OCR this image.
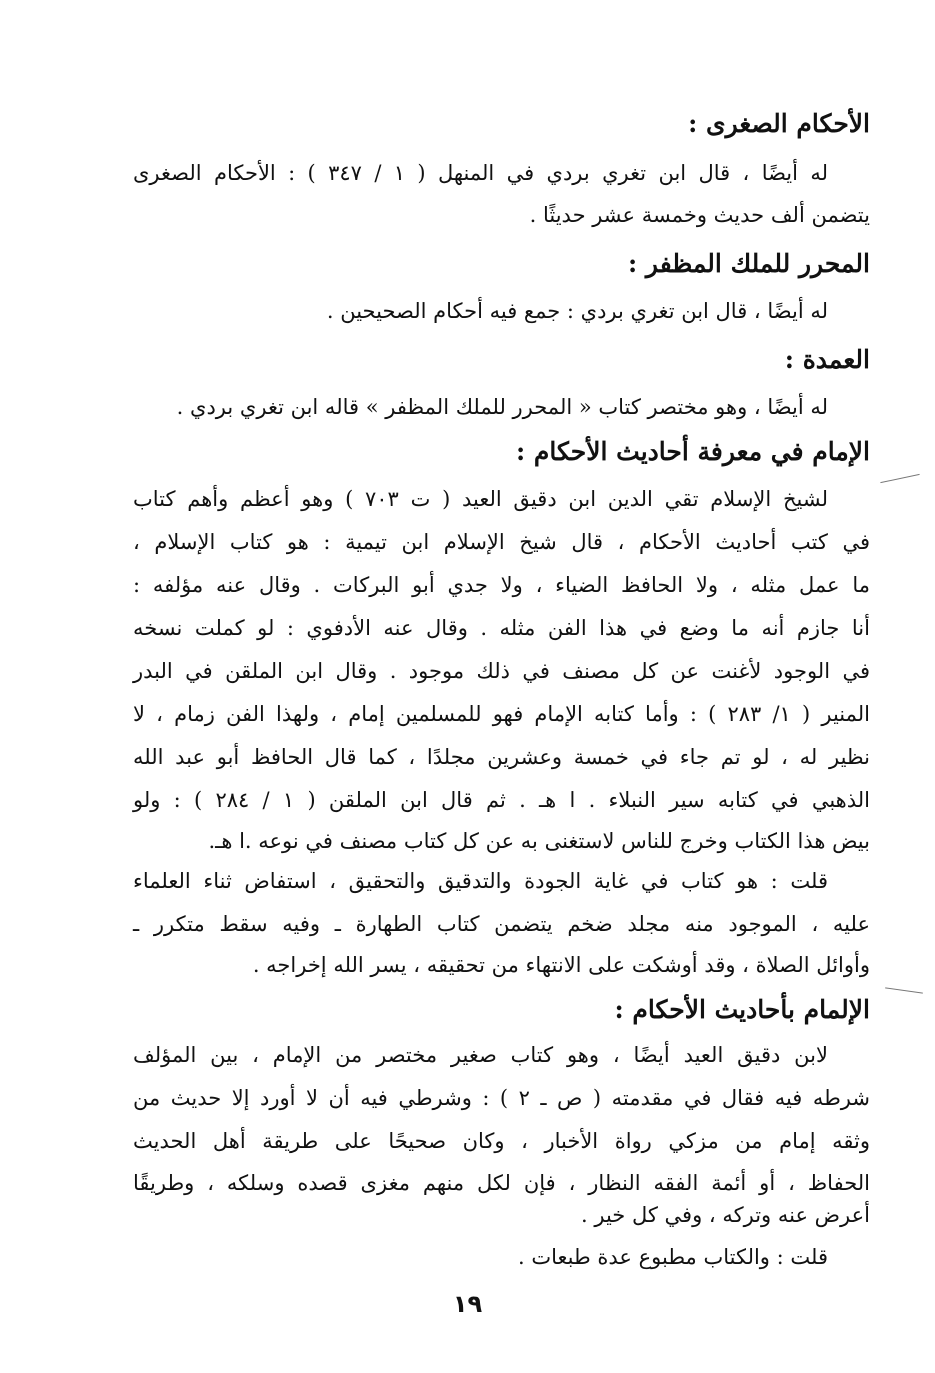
الأحكام الصغرى :
له أيضًا ، قال ابن تغري بردي في المنهل ( ١ / ٣٤٧ ) : الأحكام الصغرى
يتضمن ألف حديث وخمسة عشر حديثًا .
المحرر للملك المظفر :
له أيضًا ، قال ابن تغري بردي : جمع فيه أحكام الصحيحين .
العمدة :
له أيضًا ، وهو مختصر كتاب « المحرر للملك المظفر » قاله ابن تغري بردي .
الإمام في معرفة أحاديث الأحكام :
لشيخ الإسلام تقي الدين ابن دقيق العيد ( ت ٧٠٣ ) وهو أعظم وأهم كتاب
في كتب أحاديث الأحكام ، قال شيخ الإسلام ابن تيمية : هو كتاب الإسلام ،
ما عمل مثله ، ولا الحافظ الضياء ، ولا جدي أبو البركات . وقال عنه مؤلفه :
أنا جازم أنه ما وضع في هذا الفن مثله . وقال عنه الأدفوي : لو كملت نسخه
في الوجود لأغنت عن كل مصنف في ذلك موجود . وقال ابن الملقن في البدر
المنير ( ١/ ٢٨٣ ) : وأما كتابه الإمام فهو للمسلمين إمام ، ولهذا الفن زمام ، لا
نظير له ، لو تم جاء في خمسة وعشرين مجلدًا ، كما قال الحافظ أبو عبد الله
الذهبي في كتابه سير النبلاء . ا هـ . ثم قال ابن الملقن ( ١ / ٢٨٤ ) : ولو
بيض هذا الكتاب وخرج للناس لاستغنى به عن كل كتاب مصنف في نوعه .ا هـ.
قلت : هو كتاب في غاية الجودة والتدقيق والتحقيق ، استفاض ثناء العلماء
عليه ، الموجود منه مجلد ضخم يتضمن كتاب الطهارة ـ وفيه سقط متكرر ـ
وأوائل الصلاة ، وقد أوشكت على الانتهاء من تحقيقه ، يسر الله إخراجه .
الإلمام بأحاديث الأحكام :
لابن دقيق العيد أيضًا ، وهو كتاب صغير مختصر من الإمام ، بين المؤلف
شرطه فيه فقال في مقدمته ( ص ـ ٢ ) : وشرطي فيه أن لا أورد إلا حديث من
وثقه إمام من مزكي رواة الأخبار ، وكان صحيحًا على طريقة أهل الحديث
الحفاظ ، أو أئمة الفقه النظار ، فإن لكل منهم مغزى قصده وسلكه ، وطريقًا
أعرض عنه وتركه ، وفي كل خير .
قلت : والكتاب مطبوع عدة طبعات .
١٩
